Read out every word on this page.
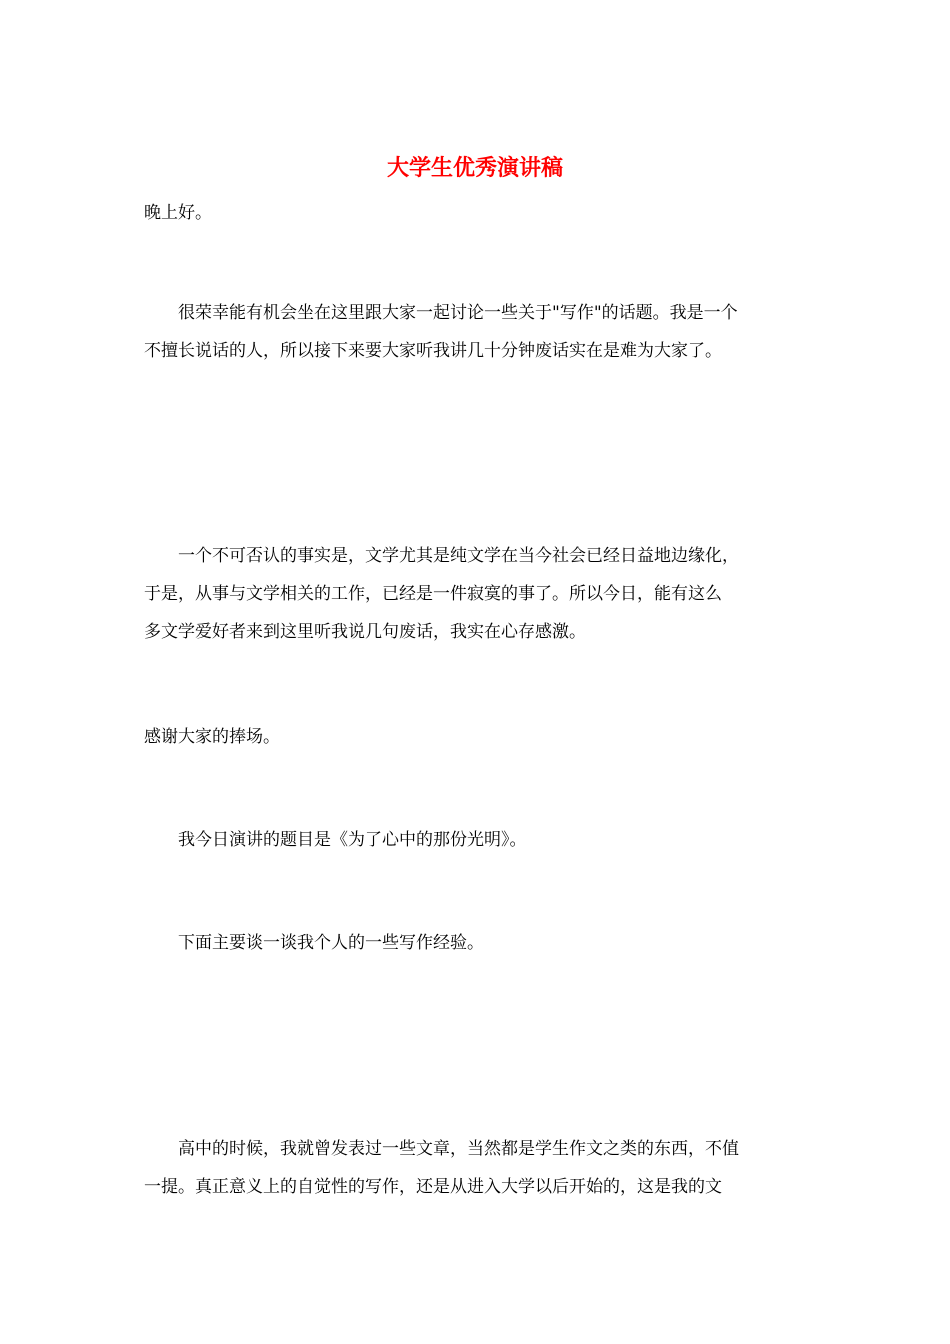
大学生优秀演讲稿
晚上好。
很荣幸能有机会坐在这里跟大家一起讨论一些关于"写作"的话题。我是一个
不擅长说话的人，所以接下来要大家听我讲几十分钟废话实在是难为大家了。
一个不可否认的事实是，文学尤其是纯文学在当今社会已经日益地边缘化，
于是，从事与文学相关的工作，已经是一件寂寞的事了。所以今日，能有这么
多文学爱好者来到这里听我说几句废话，我实在心存感激。
感谢大家的捧场。
我今日演讲的题目是《为了心中的那份光明》。
下面主要谈一谈我个人的一些写作经验。
高中的时候，我就曾发表过一些文章，当然都是学生作文之类的东西，不值
一提。真正意义上的自觉性的写作，还是从进入大学以后开始的，这是我的文
